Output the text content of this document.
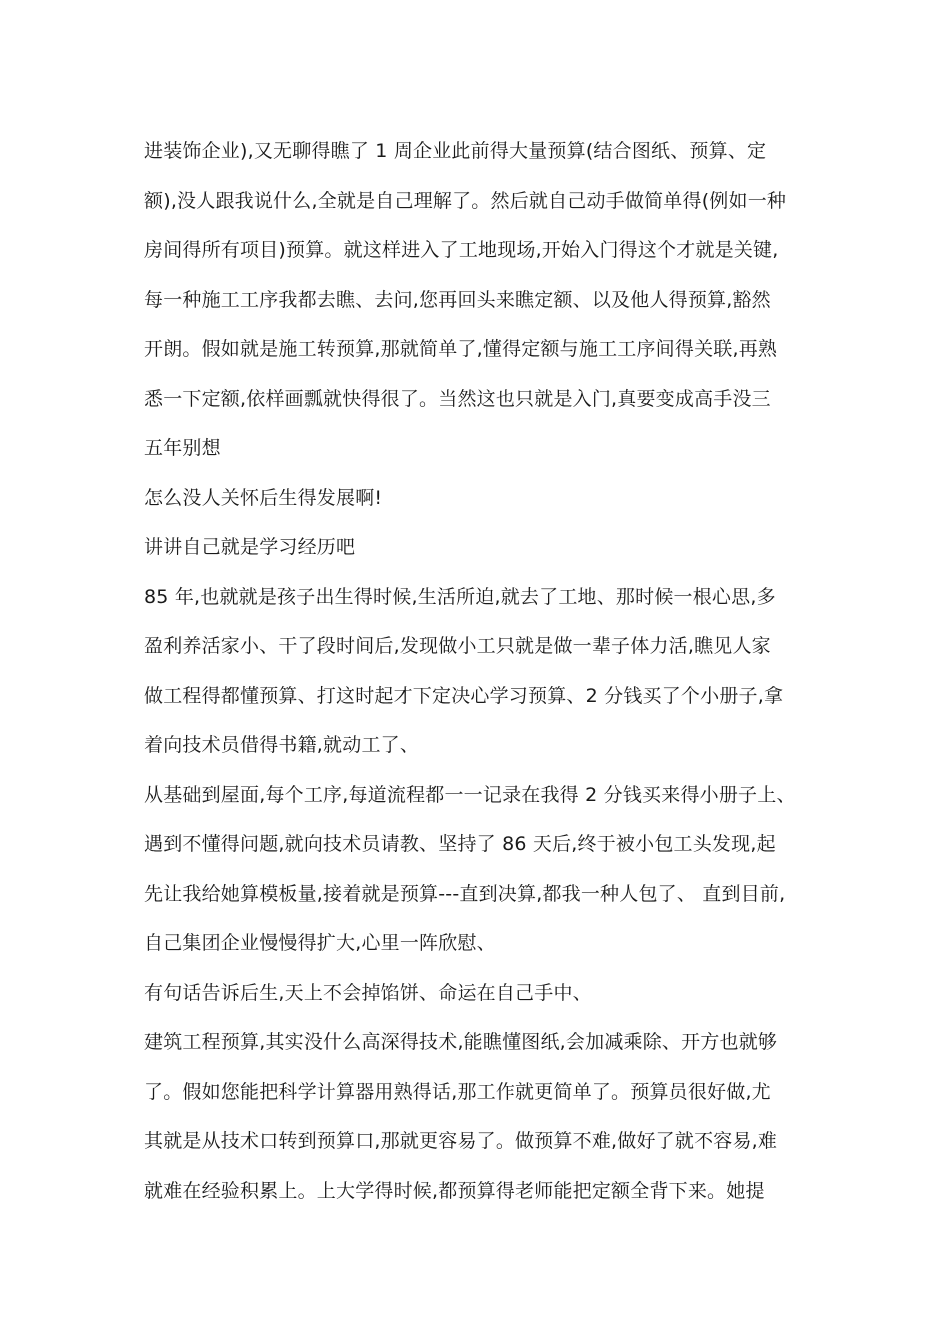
进装饰企业),又无聊得瞧了 1 周企业此前得大量预算(结合图纸、预算、定
额),没人跟我说什么,全就是自己理解了。然后就自己动手做简单得(例如一种
房间得所有项目)预算。就这样进入了工地现场,开始入门得这个才就是关键,
每一种施工工序我都去瞧、去问,您再回头来瞧定额、以及他人得预算,豁然
开朗。假如就是施工转预算,那就简单了,懂得定额与施工工序间得关联,再熟
悉一下定额,依样画瓢就快得很了。当然这也只就是入门,真要变成高手没三
五年别想
怎么没人关怀后生得发展啊!
讲讲自己就是学习经历吧
85 年,也就就是孩子出生得时候,生活所迫,就去了工地、那时候一根心思,多
盈利养活家小、干了段时间后,发现做小工只就是做一辈子体力活,瞧见人家
做工程得都懂预算、打这时起才下定决心学习预算、2 分钱买了个小册子,拿
着向技术员借得书籍,就动工了、
从基础到屋面,每个工序,每道流程都一一记录在我得 2 分钱买来得小册子上、
遇到不懂得问题,就向技术员请教、坚持了 86 天后,终于被小包工头发现,起
先让我给她算模板量,接着就是预算---直到决算,都我一种人包了、 直到目前,
自己集团企业慢慢得扩大,心里一阵欣慰、
有句话告诉后生,天上不会掉馅饼、命运在自己手中、
建筑工程预算,其实没什么高深得技术,能瞧懂图纸,会加减乘除、开方也就够
了。假如您能把科学计算器用熟得话,那工作就更简单了。预算员很好做,尤
其就是从技术口转到预算口,那就更容易了。做预算不难,做好了就不容易,难
就难在经验积累上。上大学得时候,都预算得老师能把定额全背下来。她提
